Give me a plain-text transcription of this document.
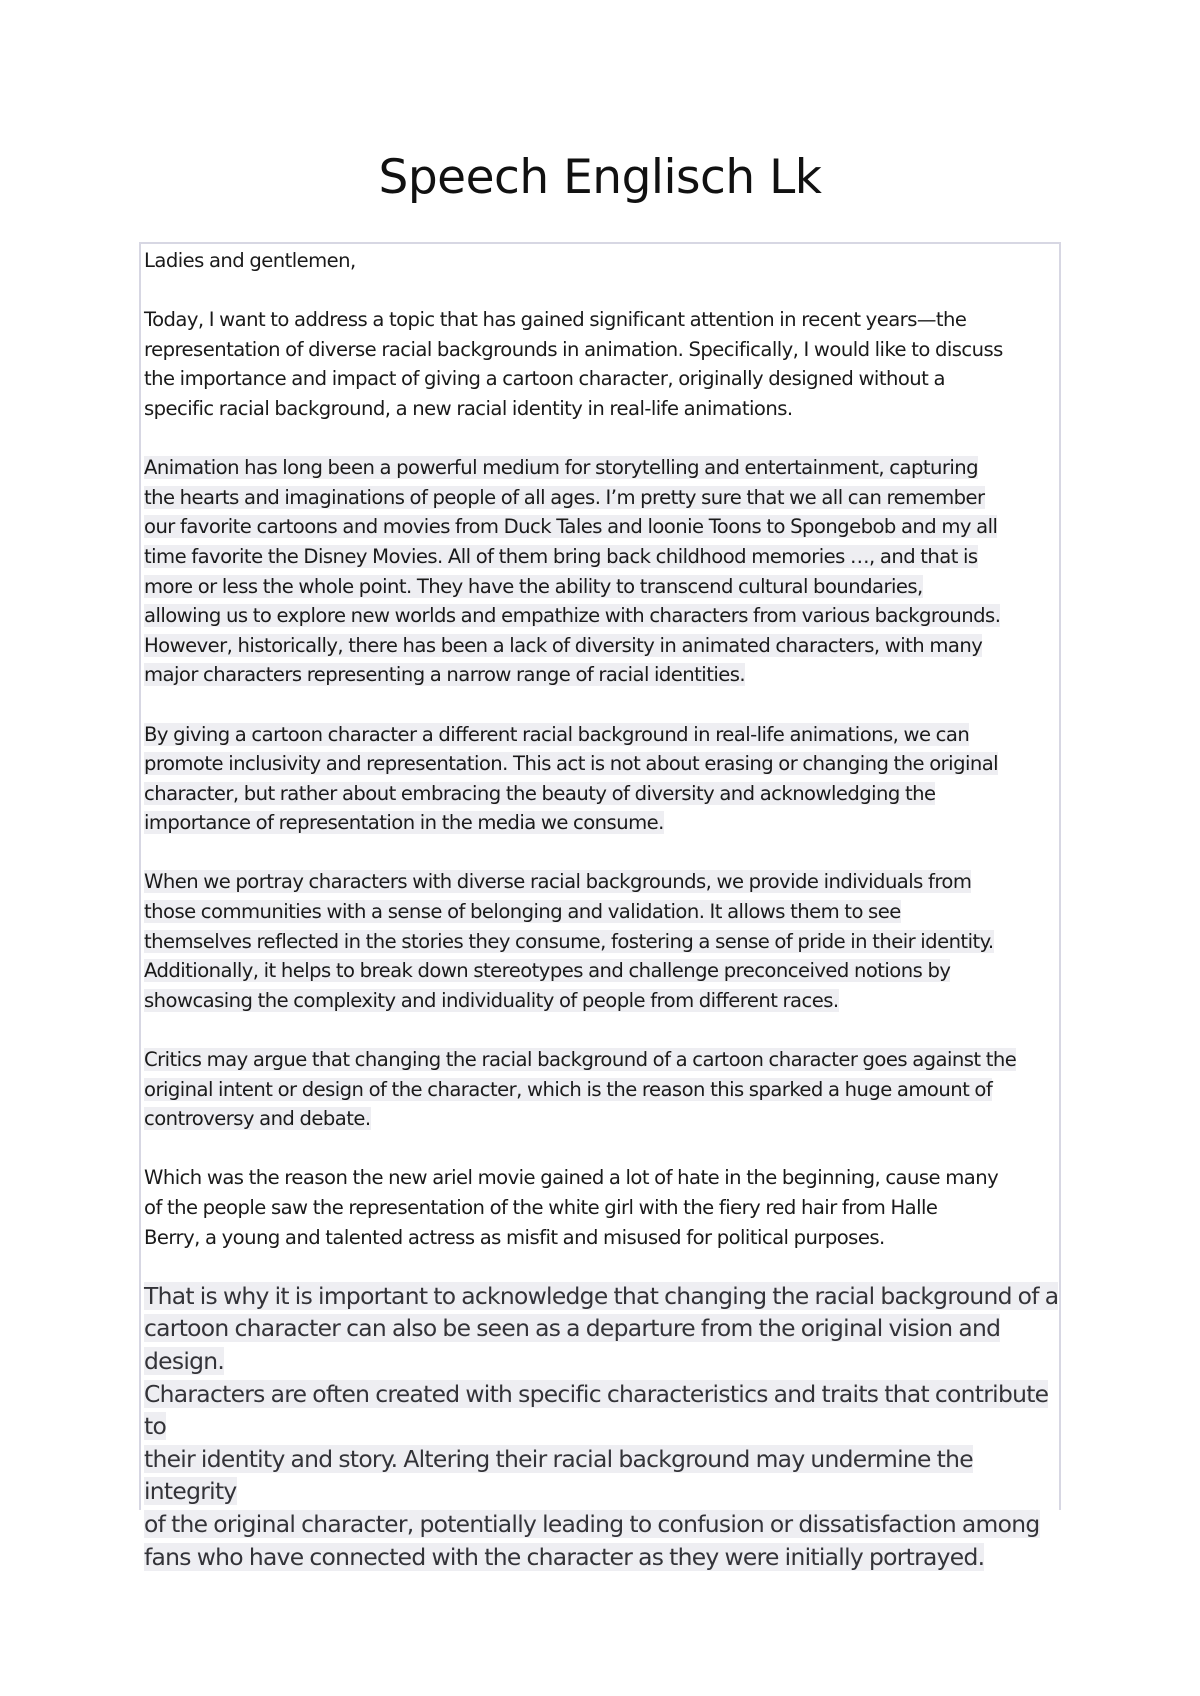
Speech Englisch Lk

Ladies and gentlemen,

Today, I want to address a topic that has gained significant attention in recent years—the
representation of diverse racial backgrounds in animation. Specifically, I would like to discuss
the importance and impact of giving a cartoon character, originally designed without a
specific racial background, a new racial identity in real-life animations.

Animation has long been a powerful medium for storytelling and entertainment, capturing
the hearts and imaginations of people of all ages. I’m pretty sure that we all can remember
our favorite cartoons and movies from Duck Tales and loonie Toons to Spongebob and my all
time favorite the Disney Movies. All of them bring back childhood memories …, and that is
more or less the whole point. They have the ability to transcend cultural boundaries,
allowing us to explore new worlds and empathize with characters from various backgrounds.
However, historically, there has been a lack of diversity in animated characters, with many
major characters representing a narrow range of racial identities.

By giving a cartoon character a different racial background in real-life animations, we can
promote inclusivity and representation. This act is not about erasing or changing the original
character, but rather about embracing the beauty of diversity and acknowledging the
importance of representation in the media we consume.

When we portray characters with diverse racial backgrounds, we provide individuals from
those communities with a sense of belonging and validation. It allows them to see
themselves reflected in the stories they consume, fostering a sense of pride in their identity.
Additionally, it helps to break down stereotypes and challenge preconceived notions by
showcasing the complexity and individuality of people from different races.

Critics may argue that changing the racial background of a cartoon character goes against the
original intent or design of the character, which is the reason this sparked a huge amount of
controversy and debate.

Which was the reason the new ariel movie gained a lot of hate in the beginning, cause many
of the people saw the representation of the white girl with the fiery red hair from Halle
Berry, a young and talented actress as misfit and misused for political purposes.

That is why it is important to acknowledge that changing the racial background of a
cartoon character can also be seen as a departure from the original vision and design.
Characters are often created with specific characteristics and traits that contribute to
their identity and story. Altering their racial background may undermine the integrity
of the original character, potentially leading to confusion or dissatisfaction among
fans who have connected with the character as they were initially portrayed.
